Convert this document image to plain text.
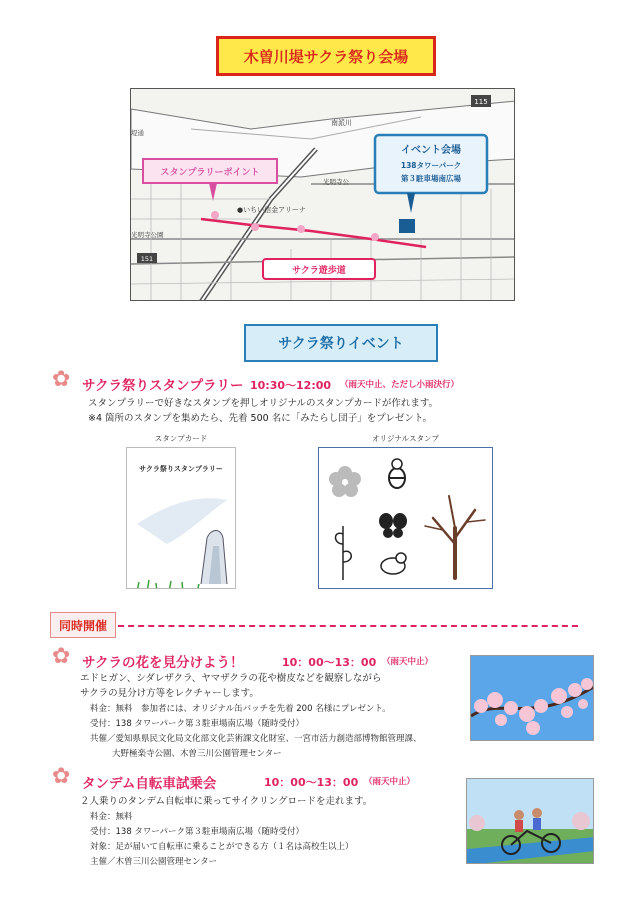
木曽川堤サクラ祭り会場
115
151
南派川
堤通
光明寺公園
光明寺公
●いちい信金アリーナ
スタンプラリーポイント
イベント会場
138タワーパーク
第３駐車場南広場
サクラ遊歩道
サクラ祭りイベント
✿ サクラ祭りスタンプラリー 10:30～12:00 （雨天中止、ただし小雨決行）
スタンプラリーで好きなスタンプを押しオリジナルのスタンプカードが作れます。
※4 箇所のスタンプを集めたら、先着 500 名に「みたらし団子」をプレゼント。
スタンプカード
サクラ祭りスタンプラリー
オリジナルスタンプ
同時開催
✿ サクラの花を見分けよう！	10：00～13：00 （雨天中止）
エドヒガン、シダレザクラ、ヤマザクラの花や樹皮などを観察しながら
サクラの見分け方等をレクチャーします。
料金：無料　参加者には、オリジナル缶バッチを先着 200 名様にプレゼント。
受付：138 タワーパーク第３駐車場南広場（随時受付）
共催／愛知県県民文化局文化部文化芸術課文化財室、一宮市活力創造部博物館管理課、
大野極楽寺公園、木曽三川公園管理センター
✿ タンデム自転車試乗会	10：00～13：00 （雨天中止）
２人乗りのタンデム自転車に乗ってサイクリングロードを走れます。
料金：無料
受付：138 タワーパーク第３駐車場南広場（随時受付）
対象：足が届いて自転車に乗ることができる方（１名は高校生以上）
主催／木曽三川公園管理センター
